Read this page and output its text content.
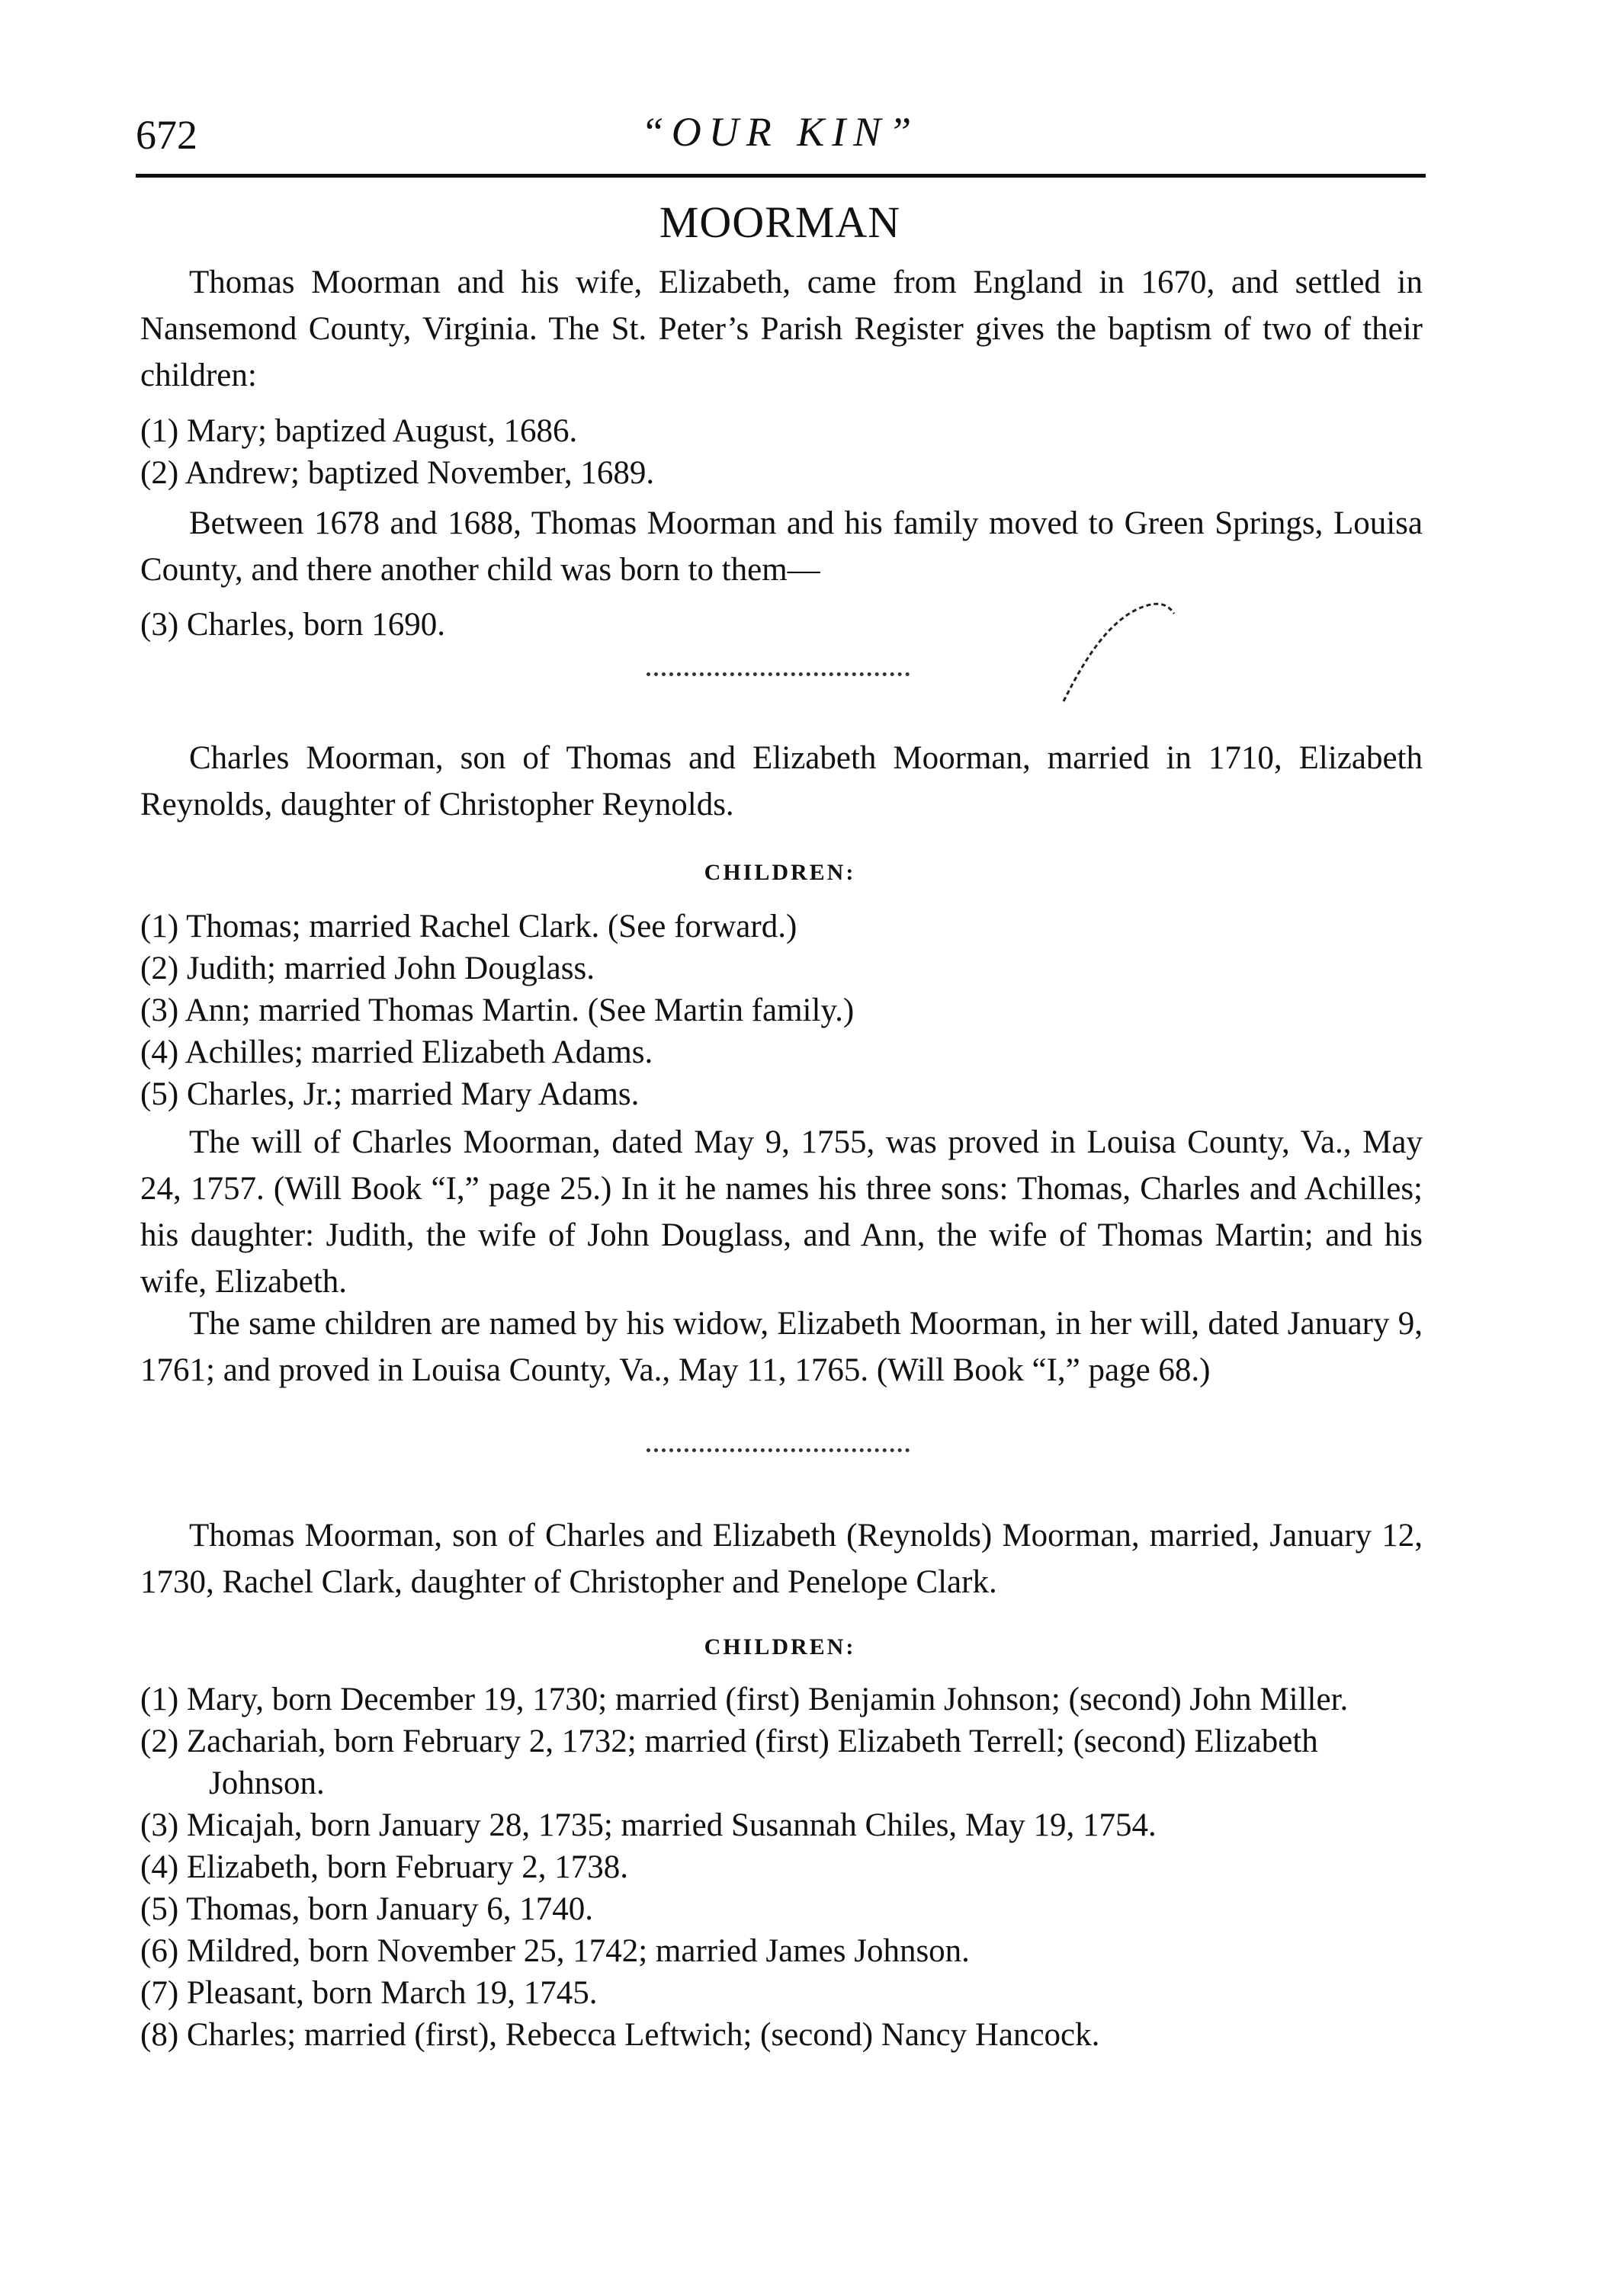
672	“OUR KIN”
MOORMAN

Thomas Moorman and his wife, Elizabeth, came from England in 1670, and settled in Nansemond County, Virginia. The St. Peter’s Parish Register gives the baptism of two of their children:

(1) Mary; baptized August, 1686.
(2) Andrew; baptized November, 1689.

Between 1678 and 1688, Thomas Moorman and his family moved to Green Springs, Louisa County, and there another child was born to them—

(3) Charles, born 1690.

Charles Moorman, son of Thomas and Elizabeth Moorman, married in 1710, Elizabeth Reynolds, daughter of Christopher Reynolds.

CHILDREN:
(1) Thomas; married Rachel Clark. (See forward.)
(2) Judith; married John Douglass.
(3) Ann; married Thomas Martin. (See Martin family.)
(4) Achilles; married Elizabeth Adams.
(5) Charles, Jr.; married Mary Adams.

The will of Charles Moorman, dated May 9, 1755, was proved in Louisa County, Va., May 24, 1757. (Will Book “I,” page 25.) In it he names his three sons: Thomas, Charles and Achilles; his daughter: Judith, the wife of John Douglass, and Ann, the wife of Thomas Martin; and his wife, Elizabeth.

The same children are named by his widow, Elizabeth Moorman, in her will, dated January 9, 1761; and proved in Louisa County, Va., May 11, 1765. (Will Book “I,” page 68.)

Thomas Moorman, son of Charles and Elizabeth (Reynolds) Moorman, married, January 12, 1730, Rachel Clark, daughter of Christopher and Penelope Clark.

CHILDREN:
(1) Mary, born December 19, 1730; married (first) Benjamin Johnson; (second) John Miller.
(2) Zachariah, born February 2, 1732; married (first) Elizabeth Terrell; (second) Elizabeth Johnson.
(3) Micajah, born January 28, 1735; married Susannah Chiles, May 19, 1754.
(4) Elizabeth, born February 2, 1738.
(5) Thomas, born January 6, 1740.
(6) Mildred, born November 25, 1742; married James Johnson.
(7) Pleasant, born March 19, 1745.
(8) Charles; married (first), Rebecca Leftwich; (second) Nancy Hancock.
